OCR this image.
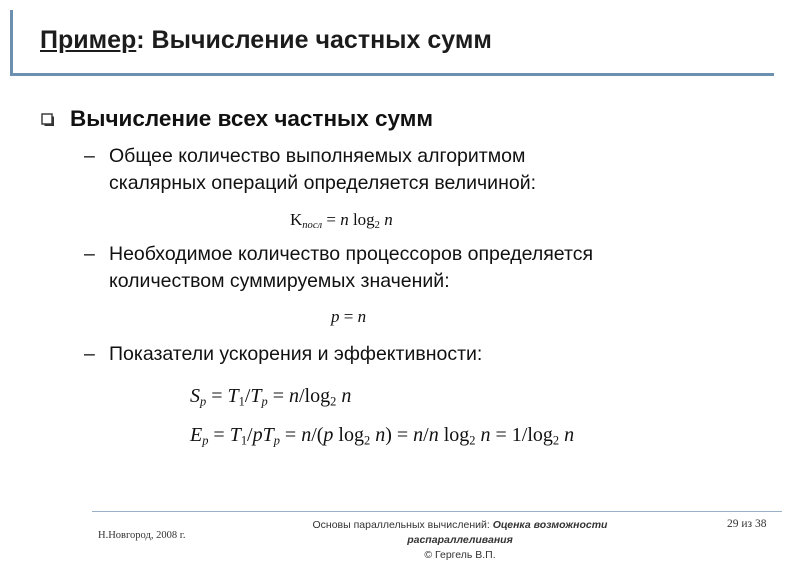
Пример: Вычисление частных сумм
Вычисление всех частных сумм
– Общее количество выполняемых алгоритмом
скалярных операций определяется величиной:
$K_{посл} = n$ $\log_2 n$
– Необходимое количество процессоров определяется
количеством суммируемых значений:
p = n
– Показатели ускорения и эффективности:
$S_p = T_1/T_p = n/\log_2$ n
$E_p = T_1/pT_p = n/(p$ $\log_2 n) = n/n$ $\log_2 n = 1/\log_2$ n
Н.Новгород, 2008 г.
Основы параллельных вычислений: Оценка возможности распараллеливания
© Гергель В.П.
29 из 38
